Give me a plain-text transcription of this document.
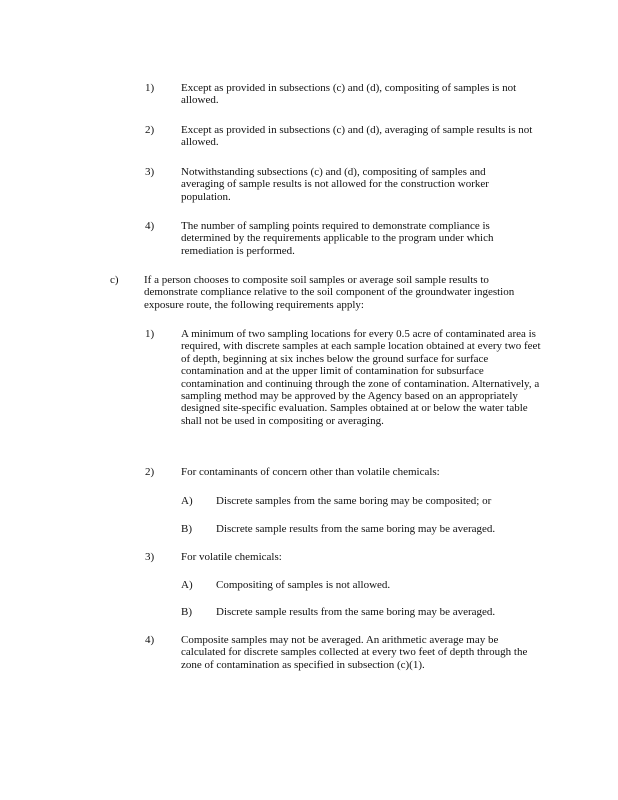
1) Except as provided in subsections (c) and (d), compositing of samples is not allowed.
2) Except as provided in subsections (c) and (d), averaging of sample results is not allowed.
3) Notwithstanding subsections (c) and (d), compositing of samples and averaging of sample results is not allowed for the construction worker population.
4) The number of sampling points required to demonstrate compliance is determined by the requirements applicable to the program under which remediation is performed.
c) If a person chooses to composite soil samples or average soil sample results to demonstrate compliance relative to the soil component of the groundwater ingestion exposure route, the following requirements apply:
1) A minimum of two sampling locations for every 0.5 acre of contaminated area is required, with discrete samples at each sample location obtained at every two feet of depth, beginning at six inches below the ground surface for surface contamination and at the upper limit of contamination for subsurface contamination and continuing through the zone of contamination. Alternatively, a sampling method may be approved by the Agency based on an appropriately designed site-specific evaluation. Samples obtained at or below the water table shall not be used in compositing or averaging.
2) For contaminants of concern other than volatile chemicals:
A) Discrete samples from the same boring may be composited; or
B) Discrete sample results from the same boring may be averaged.
3) For volatile chemicals:
A) Compositing of samples is not allowed.
B) Discrete sample results from the same boring may be averaged.
4) Composite samples may not be averaged. An arithmetic average may be calculated for discrete samples collected at every two feet of depth through the zone of contamination as specified in subsection (c)(1).
